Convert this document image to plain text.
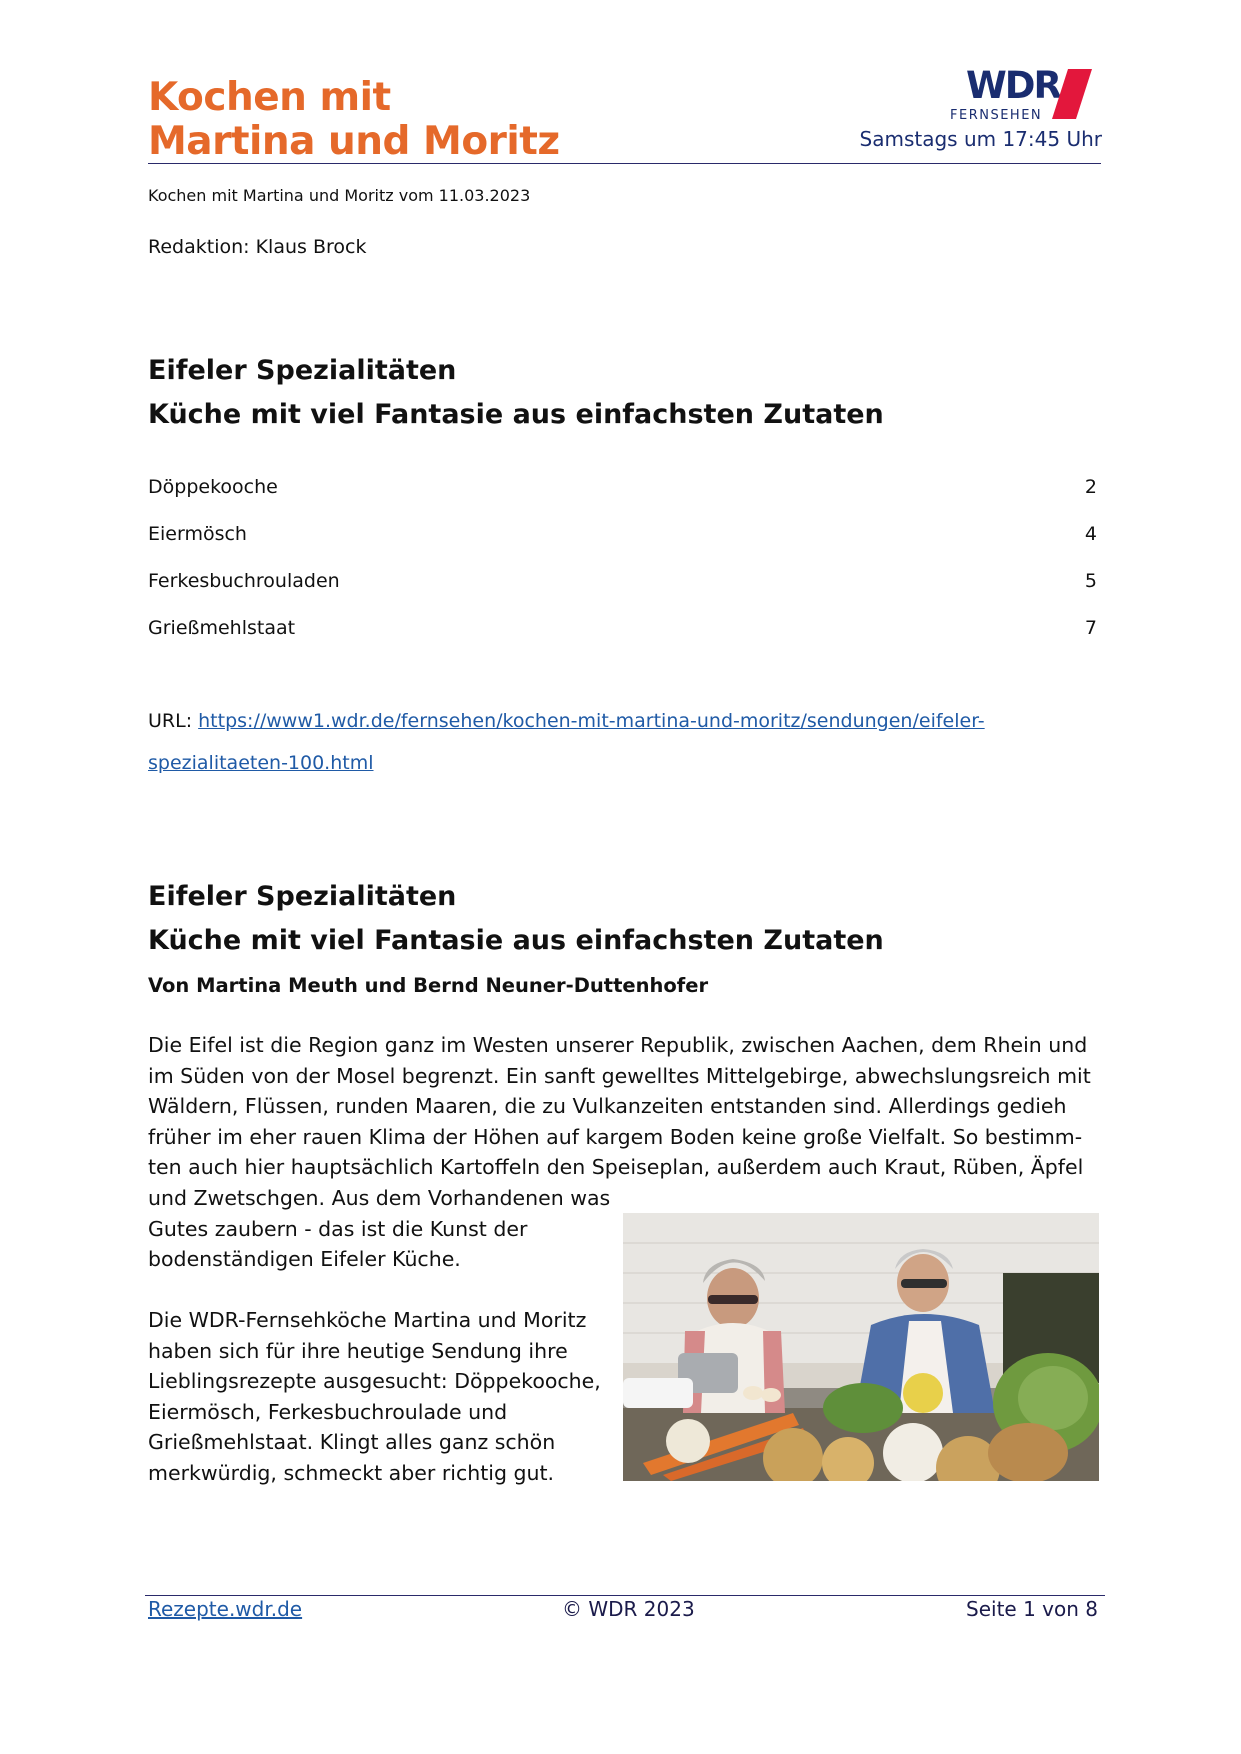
Kochen mit
Martina und Moritz
WDR
FERNSEHEN
Samstags um 17:45 Uhr
Kochen mit Martina und Moritz vom 11.03.2023
Redaktion: Klaus Brock
Eifeler Spezialitäten
Küche mit viel Fantasie aus einfachsten Zutaten
Döppekooche	2
Eiermösch	4
Ferkesbuchrouladen	5
Grießmehlstaat	7
URL: https://www1.wdr.de/fernsehen/kochen-mit-martina-und-moritz/sendungen/eifeler-
spezialitaeten-100.html
Eifeler Spezialitäten
Küche mit viel Fantasie aus einfachsten Zutaten
Von Martina Meuth und Bernd Neuner-Duttenhofer

Die Eifel ist die Region ganz im Westen unserer Republik, zwischen Aachen, dem Rhein und im Süden von der Mosel begrenzt. Ein sanft gewelltes Mittelgebirge, abwechslungsreich mit Wäldern, Flüssen, runden Maaren, die zu Vulkanzeiten entstanden sind. Allerdings gedieh früher im eher rauen Klima der Höhen auf kargem Boden keine große Vielfalt. So bestimm-ten auch hier hauptsächlich Kartoffeln den Speiseplan, außerdem auch Kraut, Rüben, Äpfel

und Zwetschgen. Aus dem Vorhandenen was Gutes zaubern - das ist die Kunst der bodenständigen Eifeler Küche.

Die WDR-Fernsehköche Martina und Moritz haben sich für ihre heutige Sendung ihre Lieblingsrezepte ausgesucht: Döppekooche, Eiermösch, Ferkesbuchroulade und Grießmehlstaat. Klingt alles ganz schön merkwürdig, schmeckt aber richtig gut.

Rezepte.wdr.de	© WDR 2023	Seite 1 von 8
